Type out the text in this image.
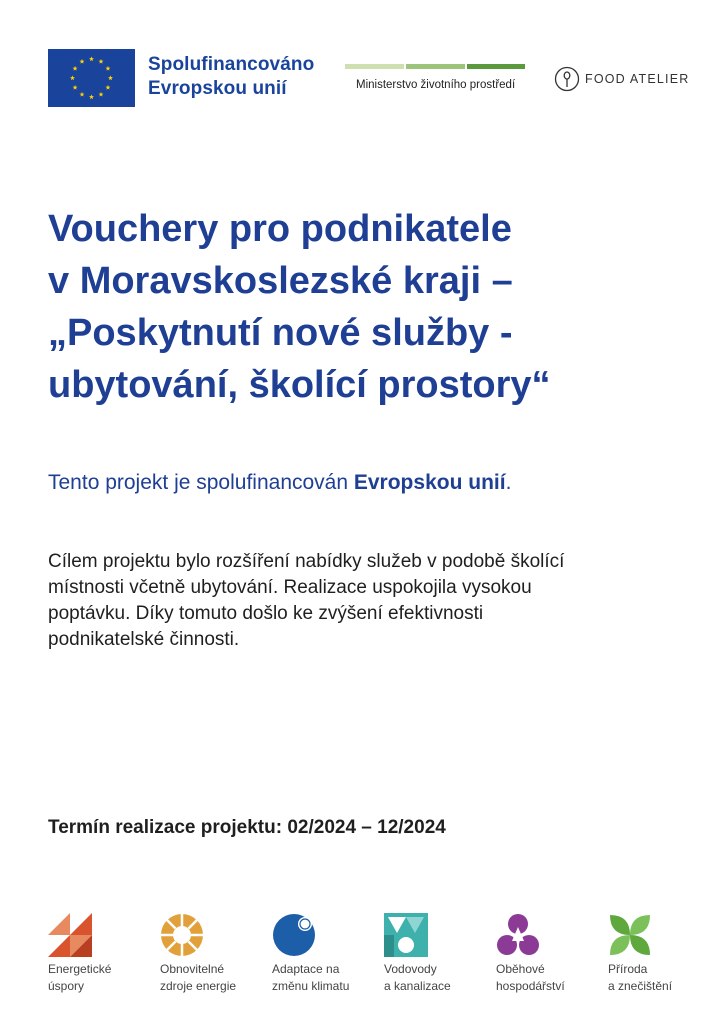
Spolufinancováno
Evropskou unií	Ministerstvo životního prostředí	FOOD ATELIER
Vouchery pro podnikatele
v Moravskoslezské kraji –
„Poskytnutí nové služby -
ubytování, školící prostory“
Tento projekt je spolufinancován Evropskou unií.

Cílem projektu bylo rozšíření nabídky služeb v podobě školící
místnosti včetně ubytování. Realizace uspokojila vysokou
poptávku. Díky tomuto došlo ke zvýšení efektivnosti
podnikatelské činnosti.

Termín realizace projektu: 02/2024 – 12/2024
Energetické
úspory
Obnovitelné
zdroje energie
Adaptace na
změnu klimatu
Vodovody
a kanalizace
Oběhové
hospodářství
Příroda
a znečištění
